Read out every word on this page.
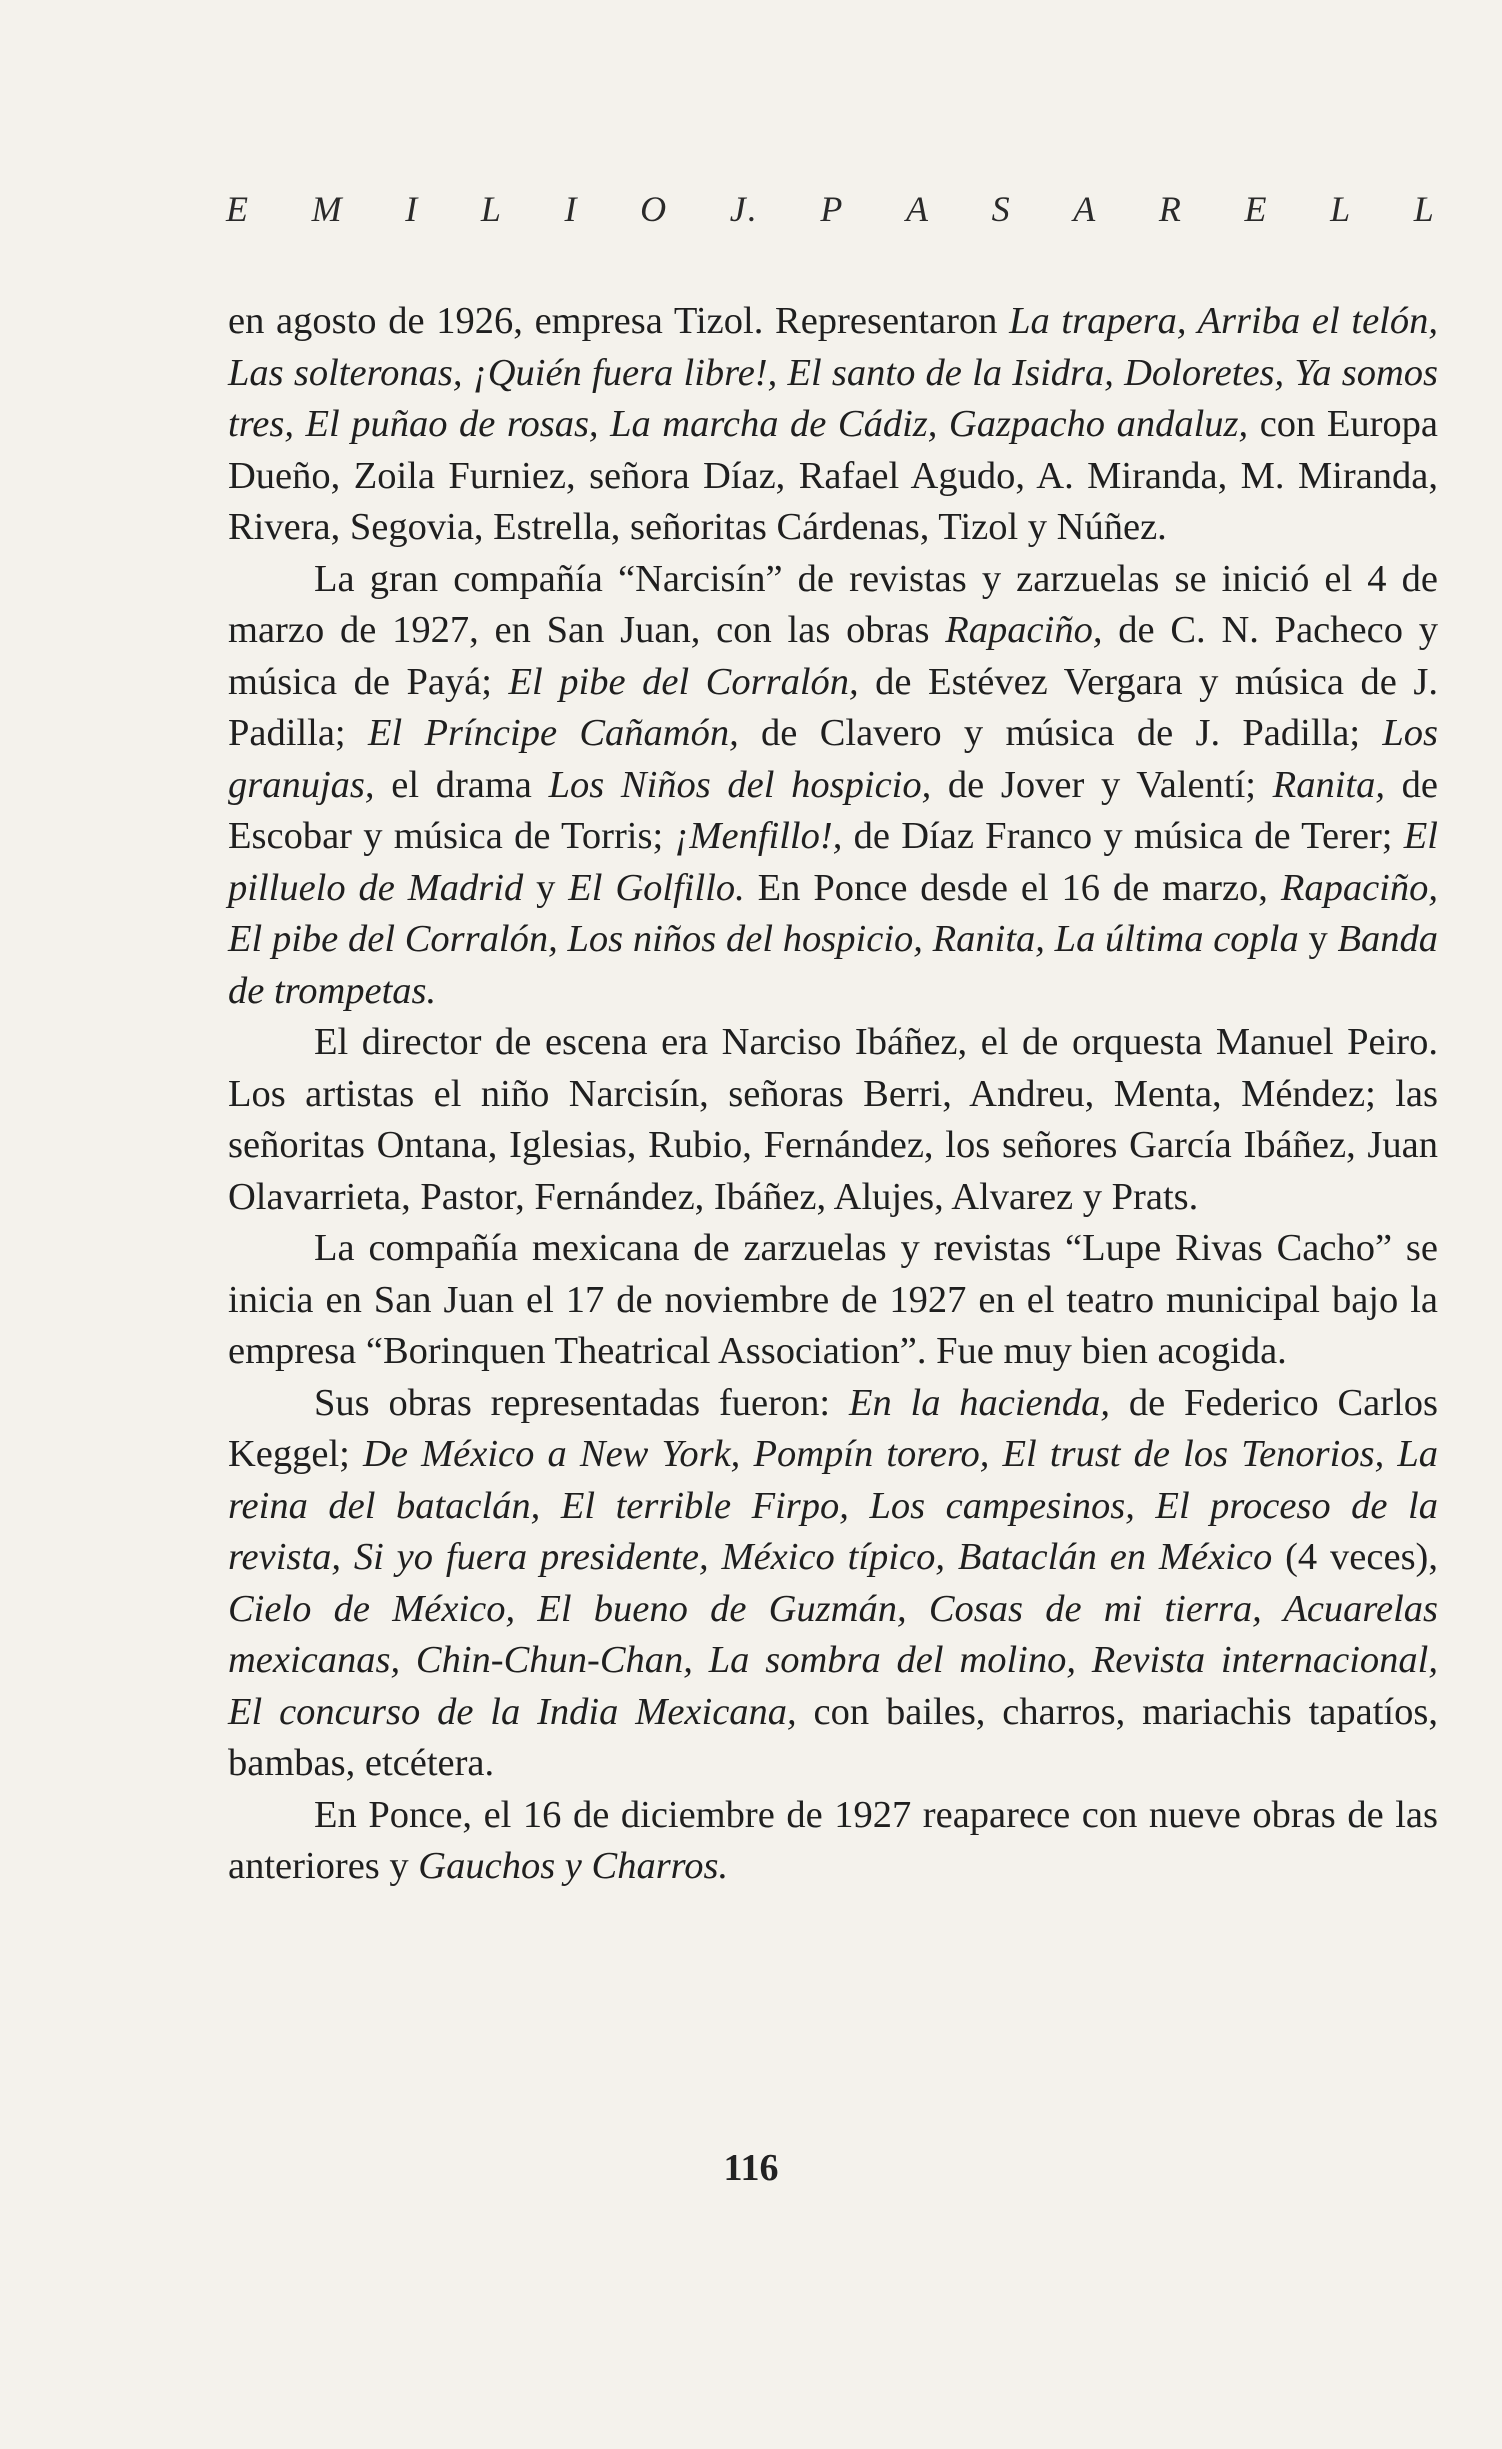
E M I L I O J. P A S A R E L L

en agosto de 1926, empresa Tizol. Representaron La trapera, Arriba el telón, Las solteronas, ¡Quién fuera libre!, El santo de la Isidra, Doloretes, Ya somos tres, El puñao de rosas, La marcha de Cádiz, Gazpacho andaluz, con Europa Dueño, Zoila Furniez, señora Díaz, Rafael Agudo, A. Miranda, M. Miranda, Rivera, Segovia, Estrella, señoritas Cárdenas, Tizol y Núñez.

La gran compañía “Narcisín” de revistas y zarzuelas se inició el 4 de marzo de 1927, en San Juan, con las obras Rapaciño, de C. N. Pacheco y música de Payá; El pibe del Corralón, de Estévez Vergara y música de J. Padilla; El Príncipe Cañamón, de Clavero y música de J. Padilla; Los granujas, el drama Los Niños del hospicio, de Jover y Valentí; Ranita, de Escobar y música de Torris; ¡Menfillo!, de Díaz Franco y música de Terer; El pilluelo de Madrid y El Golfillo. En Ponce desde el 16 de marzo, Rapaciño, El pibe del Corralón, Los niños del hospicio, Ranita, La última copla y Banda de trompetas.

El director de escena era Narciso Ibáñez, el de orquesta Manuel Peiro. Los artistas el niño Narcisín, señoras Berri, Andreu, Menta, Méndez; las señoritas Ontana, Iglesias, Rubio, Fernández, los señores García Ibáñez, Juan Olavarrieta, Pastor, Fernández, Ibáñez, Alujes, Alvarez y Prats.

La compañía mexicana de zarzuelas y revistas “Lupe Rivas Cacho” se inicia en San Juan el 17 de noviembre de 1927 en el teatro municipal bajo la empresa “Borinquen Theatrical Association”. Fue muy bien acogida.

Sus obras representadas fueron: En la hacienda, de Federico Carlos Keggel; De México a New York, Pompín torero, El trust de los Tenorios, La reina del bataclán, El terrible Firpo, Los campesinos, El proceso de la revista, Si yo fuera presidente, México típico, Bataclán en México (4 veces), Cielo de México, El bueno de Guzmán, Cosas de mi tierra, Acuarelas mexicanas, Chin-Chun-Chan, La sombra del molino, Revista internacional, El concurso de la India Mexicana, con bailes, charros, mariachis tapatíos, bambas, etcétera.

En Ponce, el 16 de diciembre de 1927 reaparece con nueve obras de las anteriores y Gauchos y Charros.

116
